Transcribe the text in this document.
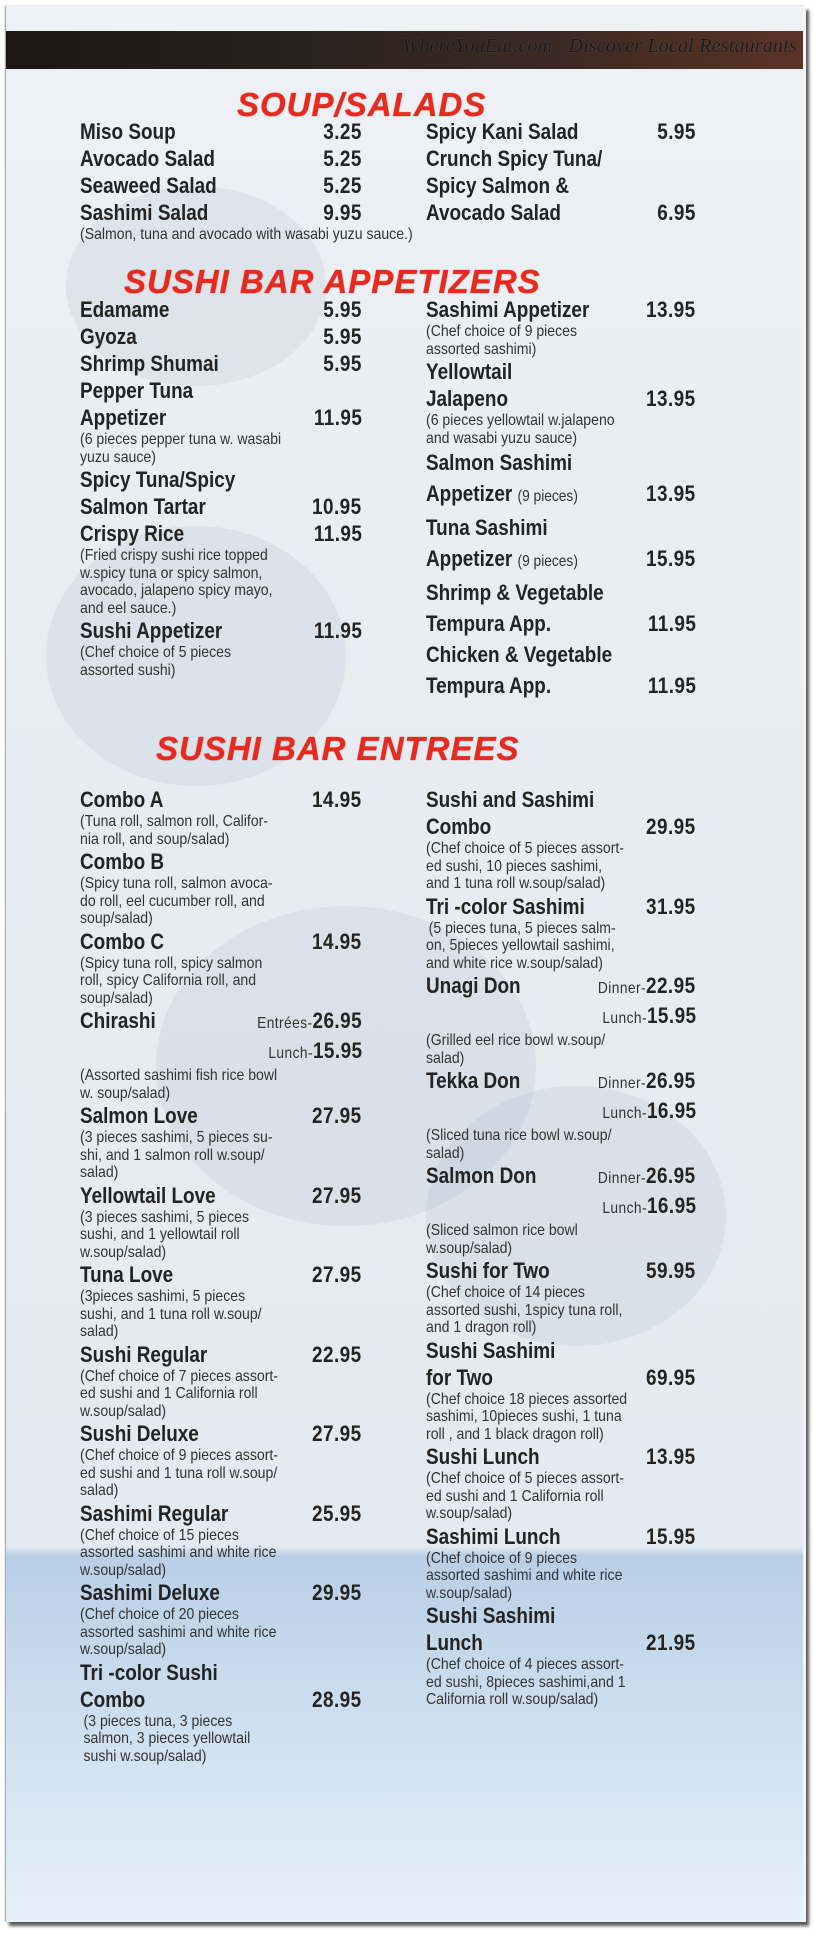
WhereYouEat.com / Discover Local Restaurants
SOUP/SALADS
Miso Soup	3.25
Avocado Salad	5.25
Seaweed Salad	5.25
Sashimi Salad	9.95
(Salmon, tuna and avocado with wasabi yuzu sauce.)
Spicy Kani Salad	5.95
Crunch Spicy Tuna/
Spicy Salmon &
Avocado Salad	6.95
SUSHI BAR APPETIZERS
Edamame	5.95
Gyoza	5.95
Shrimp Shumai	5.95
Pepper Tuna
Appetizer	11.95
(6 pieces pepper tuna w. wasabi
yuzu sauce)
Spicy Tuna/Spicy
Salmon Tartar	10.95
Crispy Rice	11.95
(Fried crispy sushi rice topped
w.spicy tuna or spicy salmon,
avocado, jalapeno spicy mayo,
and eel sauce.)
Sushi Appetizer	11.95
(Chef choice of 5 pieces
assorted sushi)
Sashimi Appetizer	13.95
(Chef choice of 9 pieces
assorted sashimi)
Yellowtail
Jalapeno	13.95
(6 pieces yellowtail w.jalapeno
and wasabi yuzu sauce)
Salmon Sashimi
Appetizer (9 pieces)	13.95
Tuna Sashimi
Appetizer (9 pieces)	15.95
Shrimp & Vegetable
Tempura App.	11.95
Chicken & Vegetable
Tempura App.	11.95
SUSHI BAR ENTREES
Combo A	14.95
(Tuna roll, salmon roll, Califor-
nia roll, and soup/salad)
Combo B
(Spicy tuna roll, salmon avoca-
do roll, eel cucumber roll, and
soup/salad)
Combo C	14.95
(Spicy tuna roll, spicy salmon
roll, spicy California roll, and
soup/salad)
Chirashi	Entrées-26.95
Lunch-15.95
(Assorted sashimi fish rice bowl
w. soup/salad)
Salmon Love	27.95
(3 pieces sashimi, 5 pieces su-
shi, and 1 salmon roll w.soup/
salad)
Yellowtail Love	27.95
(3 pieces sashimi, 5 pieces
sushi, and 1 yellowtail roll
w.soup/salad)
Tuna Love	27.95
(3pieces sashimi, 5 pieces
sushi, and 1 tuna roll w.soup/
salad)
Sushi Regular	22.95
(Chef choice of 7 pieces assort-
ed sushi and 1 California roll
w.soup/salad)
Sushi Deluxe	27.95
(Chef choice of 9 pieces assort-
ed sushi and 1 tuna roll w.soup/
salad)
Sashimi Regular	25.95
(Chef choice of 15 pieces
assorted sashimi and white rice
w.soup/salad)
Sashimi Deluxe	29.95
(Chef choice of 20 pieces
assorted sashimi and white rice
w.soup/salad)
Tri -color Sushi
Combo	28.95
(3 pieces tuna, 3 pieces
salmon, 3 pieces yellowtail
sushi w.soup/salad)
Sushi and Sashimi
Combo	29.95
(Chef choice of 5 pieces assort-
ed sushi, 10 pieces sashimi,
and 1 tuna roll w.soup/salad)
Tri -color Sashimi	31.95
(5 pieces tuna, 5 pieces salm-
on, 5pieces yellowtail sashimi,
and white rice w.soup/salad)
Unagi Don	Dinner-22.95
Lunch-15.95
(Grilled eel rice bowl w.soup/
salad)
Tekka Don	Dinner-26.95
Lunch-16.95
(Sliced tuna rice bowl w.soup/
salad)
Salmon Don	Dinner-26.95
Lunch-16.95
(Sliced salmon rice bowl
w.soup/salad)
Sushi for Two	59.95
(Chef choice of 14 pieces
assorted sushi, 1spicy tuna roll,
and 1 dragon roll)
Sushi Sashimi
for Two	69.95
(Chef choice 18 pieces assorted
sashimi, 10pieces sushi, 1 tuna
roll , and 1 black dragon roll)
Sushi Lunch	13.95
(Chef choice of 5 pieces assort-
ed sushi and 1 California roll
w.soup/salad)
Sashimi Lunch	15.95
(Chef choice of 9 pieces
assorted sashimi and white rice
w.soup/salad)
Sushi Sashimi
Lunch	21.95
(Chef choice of 4 pieces assort-
ed sushi, 8pieces sashimi,and 1
California roll w.soup/salad)
